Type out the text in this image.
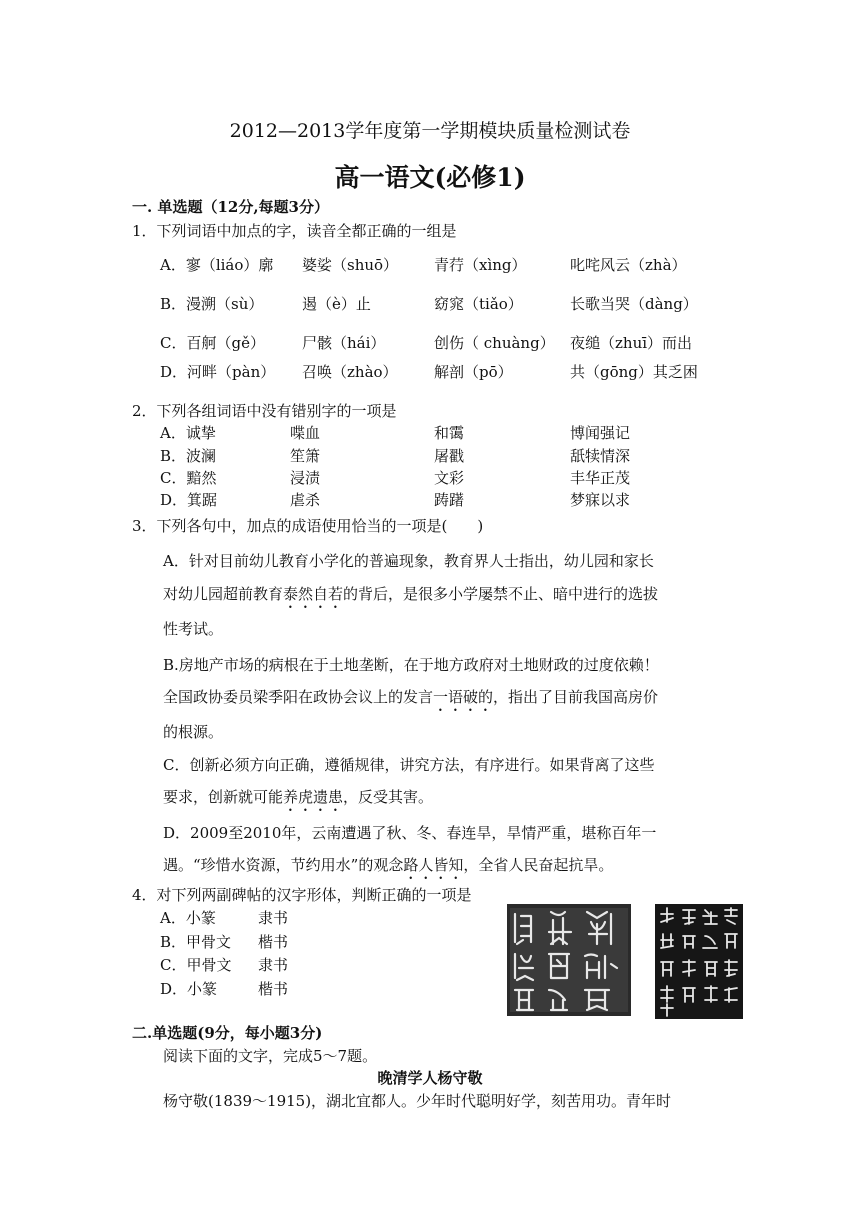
2012—2013学年度第一学期模块质量检测试卷
高一语文(必修1)
一. 单选题（12分,每题3分）
1．下列词语中加点的字，读音全都正确的一组是
A．寥（liáo）廓 婆娑（shuō） 青荇（xìng）	叱咤风云（zhà）
B．漫溯（sù）	遏（è）止	窈窕（tiǎo）	长歌当哭（dàng）
C．百舸（gě） 尸骸（hái）	创伤（ chuàng） 夜缒（zhuī）而出
D．河畔（pàn） 召唤（zhào） 解剖（pō）	共（gōng）其乏困
2．下列各组词语中没有错别字的一项是
A．诚挚	喋血	和霭	博闻强记
B．波澜	笙箫	屠戳	舐犊情深
C．黯然	浸渍	文彩	丰华正茂
D．箕踞	虐杀	踌躇	梦寐以求
3．下列各句中，加点的成语使用恰当的一项是(　　)
A．针对目前幼儿教育小学化的普遍现象，教育界人士指出，幼儿园和家长
对幼儿园超前教育泰然自若的背后，是很多小学屡禁不止、暗中进行的选拔
性考试。
B.房地产市场的病根在于土地垄断，在于地方政府对土地财政的过度依赖！
全国政协委员梁季阳在政协会议上的发言一语破的，指出了目前我国高房价
的根源。
C．创新必须方向正确，遵循规律，讲究方法，有序进行。如果背离了这些
要求，创新就可能养虎遗患，反受其害。
D．2009至2010年，云南遭遇了秋、冬、春连旱，旱情严重，堪称百年一
遇。“珍惜水资源，节约用水”的观念路人皆知，全省人民奋起抗旱。
4．对下列两副碑帖的汉字形体，判断正确的一项是
A．小篆	隶书
B．甲骨文 楷书
C．甲骨文 隶书
D．小篆	楷书
二.单选题(9分，每小题3分)
阅读下面的文字，完成5～7题。
晚清学人杨守敬
杨守敬(1839～1915)，湖北宜都人。少年时代聪明好学，刻苦用功。青年时
